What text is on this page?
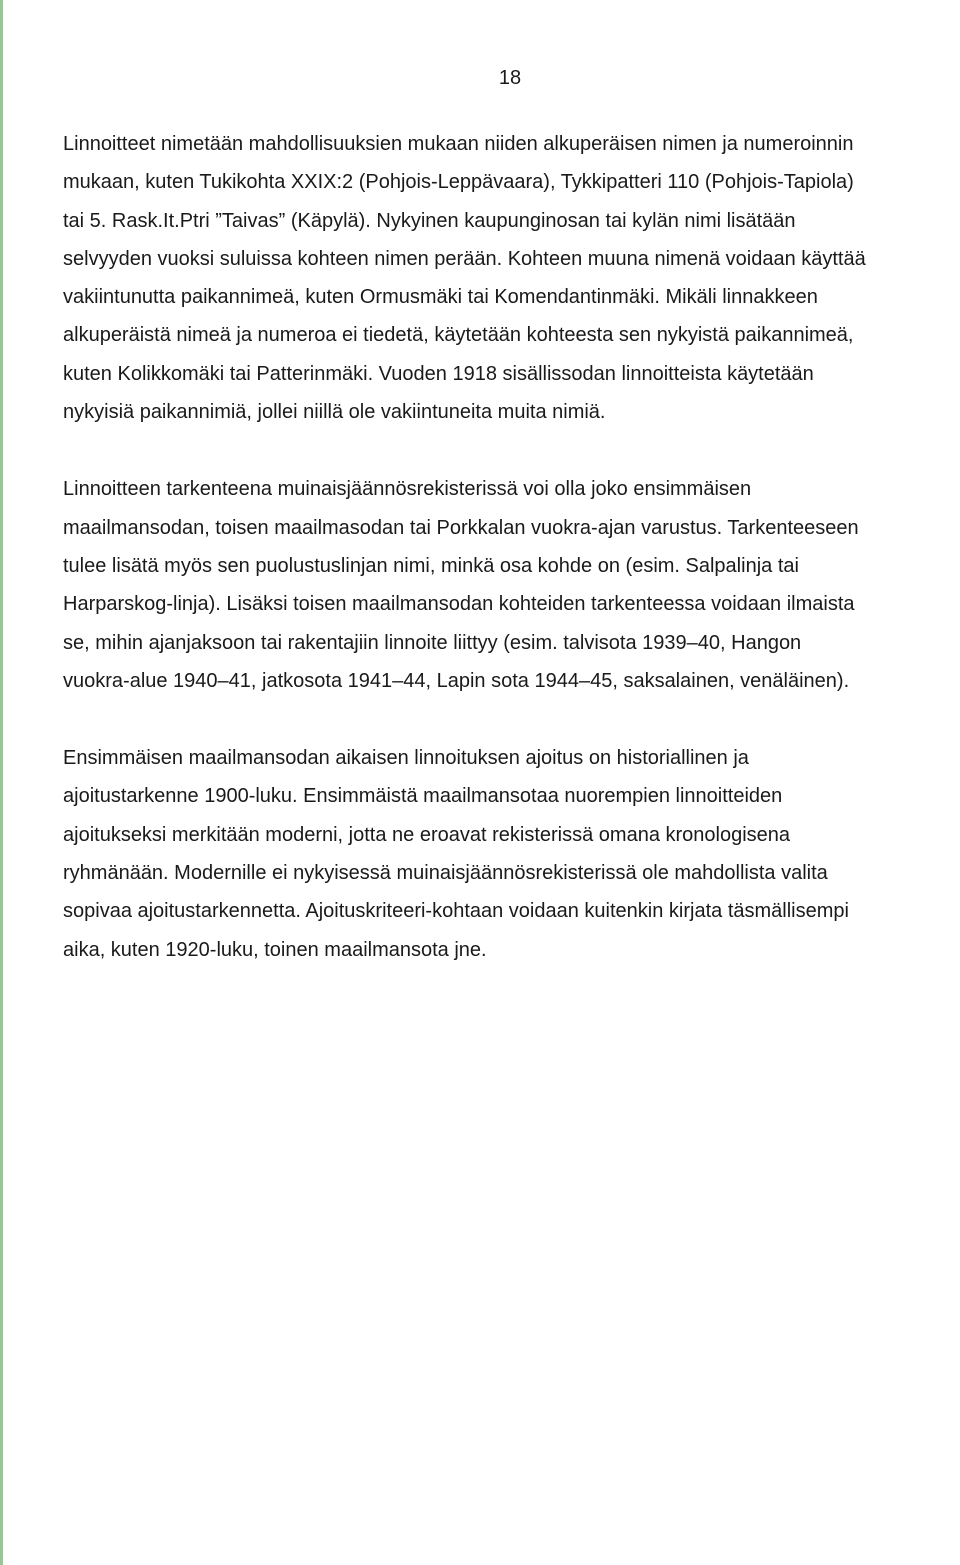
18

Linnoitteet nimetään mahdollisuuksien mukaan niiden alkuperäisen nimen ja numeroinnin
mukaan, kuten Tukikohta XXIX:2 (Pohjois-Leppävaara), Tykkipatteri 110 (Pohjois-Tapiola)
tai 5. Rask.It.Ptri ”Taivas” (Käpylä). Nykyinen kaupunginosan tai kylän nimi lisätään
selvyyden vuoksi suluissa kohteen nimen perään. Kohteen muuna nimenä voidaan käyttää
vakiintunutta paikannimeä, kuten Ormusmäki tai Komendantinmäki. Mikäli linnakkeen
alkuperäistä nimeä ja numeroa ei tiedetä, käytetään kohteesta sen nykyistä paikannimeä,
kuten Kolikkomäki tai Patterinmäki. Vuoden 1918 sisällissodan linnoitteista käytetään
nykyisiä paikannimiä, jollei niillä ole vakiintuneita muita nimiä.

Linnoitteen tarkenteena muinaisjäännösrekisterissä voi olla joko ensimmäisen
maailmansodan, toisen maailmasodan tai Porkkalan vuokra-ajan varustus. Tarkenteeseen
tulee lisätä myös sen puolustuslinjan nimi, minkä osa kohde on (esim. Salpalinja tai
Harparskog-linja). Lisäksi toisen maailmansodan kohteiden tarkenteessa voidaan ilmaista
se, mihin ajanjaksoon tai rakentajiin linnoite liittyy (esim. talvisota 1939–40, Hangon
vuokra-alue 1940–41, jatkosota 1941–44, Lapin sota 1944–45, saksalainen, venäläinen).

Ensimmäisen maailmansodan aikaisen linnoituksen ajoitus on historiallinen ja
ajoitustarkenne 1900-luku. Ensimmäistä maailmansotaa nuorempien linnoitteiden
ajoitukseksi merkitään moderni, jotta ne eroavat rekisterissä omana kronologisena
ryhmänään. Modernille ei nykyisessä muinaisjäännösrekisterissä ole mahdollista valita
sopivaa ajoitustarkennetta. Ajoituskriteeri-kohtaan voidaan kuitenkin kirjata täsmällisempi
aika, kuten 1920-luku, toinen maailmansota jne.
